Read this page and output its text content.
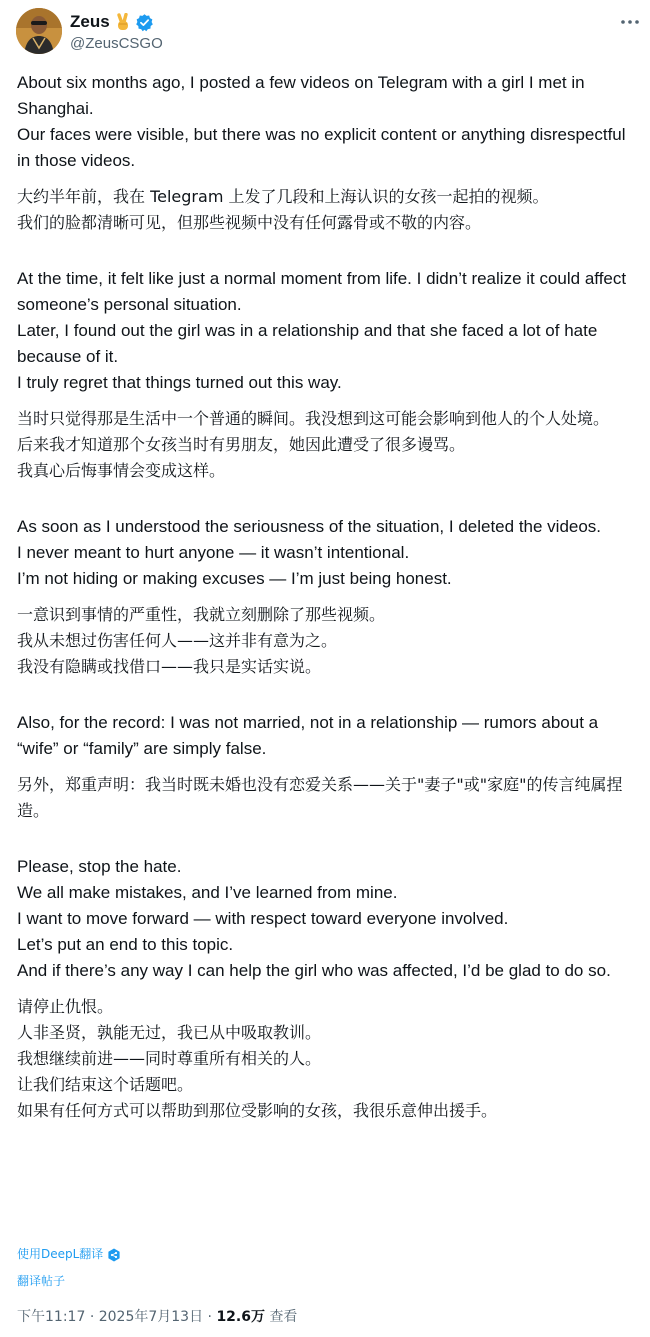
Zeus
@ZeusCSGO

About six months ago, I posted a few videos on Telegram with a girl I met in Shanghai.
Our faces were visible, but there was no explicit content or anything disrespectful in those videos.

大约半年前，我在 Telegram 上发了几段和上海认识的女孩一起拍的视频。
我们的脸都清晰可见，但那些视频中没有任何露骨或不敬的内容。

At the time, it felt like just a normal moment from life. I didn’t realize it could affect someone’s personal situation.
Later, I found out the girl was in a relationship and that she faced a lot of hate because of it.
I truly regret that things turned out this way.

当时只觉得那是生活中一个普通的瞬间。我没想到这可能会影响到他人的个人处境。
后来我才知道那个女孩当时有男朋友，她因此遭受了很多谩骂。
我真心后悔事情会变成这样。

As soon as I understood the seriousness of the situation, I deleted the videos.
I never meant to hurt anyone — it wasn’t intentional.
I’m not hiding or making excuses — I’m just being honest.

一意识到事情的严重性，我就立刻删除了那些视频。
我从未想过伤害任何人——这并非有意为之。
我没有隐瞒或找借口——我只是实话实说。

Also, for the record: I was not married, not in a relationship — rumors about a “wife” or “family” are simply false.

另外，郑重声明：我当时既未婚也没有恋爱关系——关于"妻子"或"家庭"的传言纯属捏造。

Please, stop the hate.
We all make mistakes, and I’ve learned from mine.
I want to move forward — with respect toward everyone involved.
Let’s put an end to this topic.
And if there’s any way I can help the girl who was affected, I’d be glad to do so.

请停止仇恨。
人非圣贤，孰能无过，我已从中吸取教训。
我想继续前进——同时尊重所有相关的人。
让我们结束这个话题吧。
如果有任何方式可以帮助到那位受影响的女孩，我很乐意伸出援手。

使用DeepL翻译
翻译帖子
下午11:17 · 2025年7月13日 · 12.6万 查看
